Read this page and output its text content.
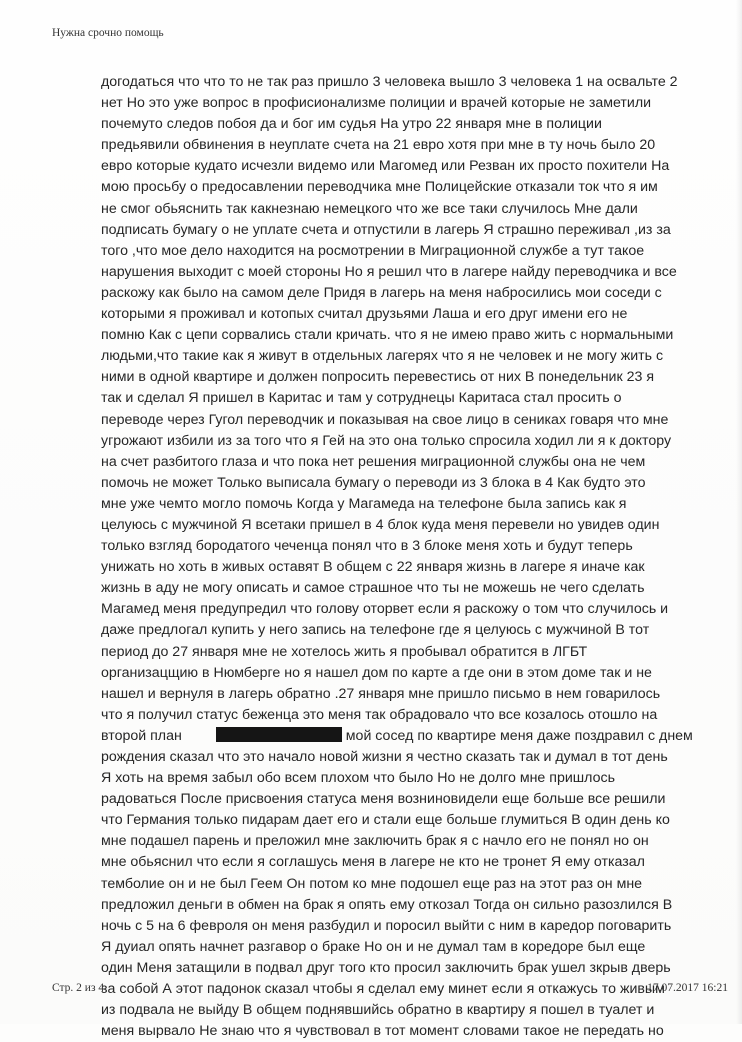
Нужна срочно помощь
догодаться что что то не так раз пришло 3 человека вышло 3 человека 1 на освальте 2
нет Но это уже вопрос в профисионализме полиции и врачей которые не заметили
почемуто следов побоя да и бог им судья На утро 22 января мне в полиции
предьявили обвинения в неуплате счета на 21 евро хотя при мне в ту ночь было 20
евро которые кудато исчезли видемо или Магомед или Резван их просто похители На
мою просьбу о предосавлении переводчика мне Полицейские отказали ток что я им
не смог обьяснить так какнезнаю немецкого что же все таки случилось Мне дали
подписать бумагу о не уплате счета и отпустили в лагерь Я страшно переживал ,из за
того ,что мое дело находится на росмотрении в Миграционной службе а тут такое
нарушения выходит с моей стороны Но я решил что в лагере найду переводчика и все
раскожу как было на самом деле Придя в лагерь на меня набросились мои соседи с
которыми я проживал и котопых считал друзьями Лаша и его друг имени его не
помню Как с цепи сорвались стали кричать. что я не имею право жить с нормальными
людьми,что такие как я живут в отдельных лагерях что я не человек и не могу жить с
ними в одной квартире и должен попросить перевестись от них В понедельник 23 я
так и сделал Я пришел в Каритас и там у сотруднецы Каритаса стал просить о
переводе через Гугол переводчик и показывая на свое лицо в сениках говаря что мне
угрожают избили из за того что я Гей на это она только спросила ходил ли я к доктору
на счет разбитого глаза и что пока нет решения миграционной службы она не чем
помочь не может Только выписала бумагу о переводи из 3 блока в 4 Как будто это
мне уже чемто могло помочь Когда у Магамеда на телефоне была запись как я
целуюсь с мужчиной Я всетаки пришел в 4 блок куда меня перевели но увидев один
только взгляд бородатого чеченца понял что в 3 блоке меня хоть и будут теперь
унижать но хоть в живых оставят В общем с 22 января жизнь в лагере я иначе как
жизнь в аду не могу описать и самое страшное что ты не можешь не чего сделать
Магамед меня предупредил что голову оторвет если я раскожу о том что случилось и
даже предлогал купить у него запись на телефоне где я целуюсь с мужчиной В тот
период до 27 января мне не хотелось жить я пробывал обратится в ЛГБТ
организацщию в Нюмберге но я нашел дом по карте а где они в этом доме так и не
нашел и вернуля в лагерь обратно .27 января мне пришло письмо в нем говарилось
что я получил статус беженца это меня так обрадовало что все козалось отошло на
второй план	мой сосед по квартире меня даже поздравил с днем
рождения сказал что это начало новой жизни я честно сказать так и думал в тот день
Я хоть на время забыл обо всем плохом что было Но не долго мне пришлось
радоваться После присвоения статуса меня возниновидели еще больше все решили
что Германия только пидарам дает его и стали еще больше глумиться В один день ко
мне подашел парень и преложил мне заключить брак я с начло его не понял но он
мне обьяснил что если я соглашусь меня в лагере не кто не тронет Я ему отказал
темболие он и не был Геем Он потом ко мне подошел еще раз на этот раз он мне
предложил деньги в обмен на брак я опять ему откозал Тогда он сильно разозлился В
ночь с 5 на 6 февроля он меня разбудил и поросил выйти с ним в каредор поговарить
Я дуиал опять начнет разгавор о браке Но он и не думал там в коредоре был еще
один Меня затащили в подвал друг того кто просил заключить брак ушел зкрыв дверь
за собой А этот падонок сказал чтобы я сделал ему минет если я откажусь то живым
из подвала не выйду В общем поднявшийсь обратно в квартиру я пошел в туалет и
меня вырвало Не знаю что я чувствовал в тот момент словами такое не передать но
Стр. 2 из 4	17.07.2017 16:21
